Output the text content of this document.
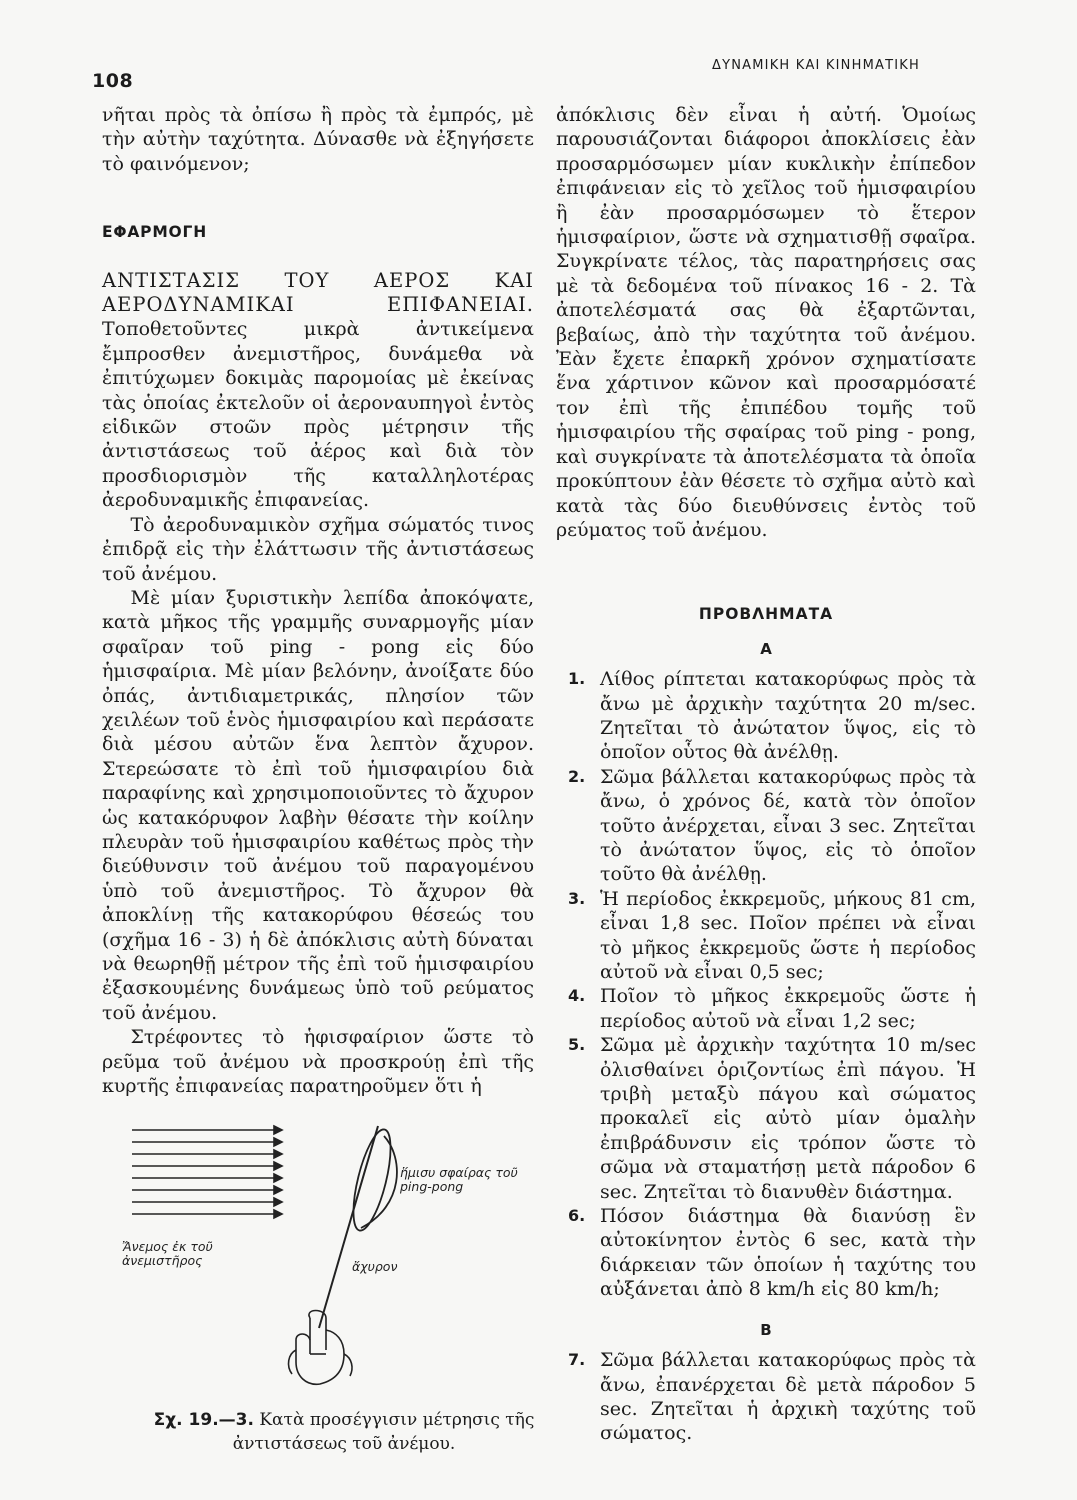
108
ΔΥΝΑΜΙΚΗ ΚΑΙ ΚΙΝΗΜΑΤΙΚΗ

νῆται πρὸς τὰ ὀπίσω ἢ πρὸς τὰ ἐμπρός, μὲ τὴν αὐτὴν ταχύτητα. Δύνασθε νὰ ἐξηγήσετε τὸ φαινόμενον;

ΕΦΑΡΜΟΓΗ

ΑΝΤΙΣΤΑΣΙΣ ΤΟΥ ΑΕΡΟΣ ΚΑΙ ΑΕΡΟΔΥΝΑΜΙΚΑΙ ΕΠΙΦΑΝΕΙΑΙ. Τοποθετοῦντες μικρὰ ἀντικείμενα ἔμπροσθεν ἀνεμιστῆρος, δυνάμεθα νὰ ἐπιτύχωμεν δοκιμὰς παρομοίας μὲ ἐκείνας τὰς ὁποίας ἐκτελοῦν οἱ ἀεροναυπηγοὶ ἐντὸς εἰδικῶν στοῶν πρὸς μέτρησιν τῆς ἀντιστάσεως τοῦ ἀέρος καὶ διὰ τὸν προσδιορισμὸν τῆς καταλληλοτέρας ἀεροδυναμικῆς ἐπιφανείας.

Τὸ ἀεροδυναμικὸν σχῆμα σώματός τινος ἐπιδρᾷ εἰς τὴν ἐλάττωσιν τῆς ἀντιστάσεως τοῦ ἀνέμου.

Μὲ μίαν ξυριστικὴν λεπίδα ἀποκόψατε, κατὰ μῆκος τῆς γραμμῆς συναρμογῆς μίαν σφαῖραν τοῦ ping - pong εἰς δύο ἡμισφαίρια. Μὲ μίαν βελόνην, ἀνοίξατε δύο ὀπάς, ἀντιδιαμετρικάς, πλησίον τῶν χειλέων τοῦ ἑνὸς ἡμισφαιρίου καὶ περάσατε διὰ μέσου αὐτῶν ἕνα λεπτὸν ἄχυρον. Στερεώσατε τὸ ἐπὶ τοῦ ἡμισφαιρίου διὰ παραφίνης καὶ χρησιμοποιοῦντες τὸ ἄχυρον ὡς κατακόρυφον λαβὴν θέσατε τὴν κοίλην πλευρὰν τοῦ ἡμισφαιρίου καθέτως πρὸς τὴν διεύθυνσιν τοῦ ἀνέμου τοῦ παραγομένου ὑπὸ τοῦ ἀνεμιστῆρος. Τὸ ἄχυρον θὰ ἀποκλίνῃ τῆς κατακορύφου θέσεώς του (σχῆμα 16 - 3) ἡ δὲ ἀπόκλισις αὐτὴ δύναται νὰ θεωρηθῇ μέτρον τῆς ἐπὶ τοῦ ἡμισφαιρίου ἐξασκουμένης δυνάμεως ὑπὸ τοῦ ρεύματος τοῦ ἀνέμου.

Στρέφοντες τὸ ἡφισφαίριον ὥστε τὸ ρεῦμα τοῦ ἀνέμου νὰ προσκρούῃ ἐπὶ τῆς κυρτῆς ἐπιφανείας παρατηροῦμεν ὅτι ἡ

ἥμισυ σφαίρας τοῦ ping-pong
Ἄνεμος ἐκ τοῦ ἀνεμιστῆρος	ἄχυρον
Σχ. 19.—3. Κατὰ προσέγγισιν μέτρησις τῆς ἀντιστάσεως τοῦ ἀνέμου.

ἀπόκλισις δὲν εἶναι ἡ αὐτή. Ὁμοίως παρουσιάζονται διάφοροι ἀποκλίσεις ἐὰν προσαρμόσωμεν μίαν κυκλικὴν ἐπίπεδον ἐπιφάνειαν εἰς τὸ χεῖλος τοῦ ἡμισφαιρίου ἢ ἐὰν προσαρμόσωμεν τὸ ἕτερον ἡμισφαίριον, ὥστε νὰ σχηματισθῇ σφαῖρα. Συγκρίνατε τέλος, τὰς παρατηρήσεις σας μὲ τὰ δεδομένα τοῦ πίνακος 16 - 2. Τὰ ἀποτελέσματά σας θὰ ἐξαρτῶνται, βεβαίως, ἀπὸ τὴν ταχύτητα τοῦ ἀνέμου. Ἐὰν ἔχετε ἐπαρκῆ χρόνον σχηματίσατε ἕνα χάρτινον κῶνον καὶ προσαρμόσατέ τον ἐπὶ τῆς ἐπιπέδου τομῆς τοῦ ἡμισφαιρίου τῆς σφαίρας τοῦ ping - pong, καὶ συγκρίνατε τὰ ἀποτελέσματα τὰ ὁποῖα προκύπτουν ἐὰν θέσετε τὸ σχῆμα αὐτὸ καὶ κατὰ τὰς δύο διευθύνσεις ἐντὸς τοῦ ρεύματος τοῦ ἀνέμου.

ΠΡΟΒΛΗΜΑΤΑ
Α
1. Λίθος ρίπτεται κατακορύφως πρὸς τὰ ἄνω μὲ ἀρχικὴν ταχύτητα 20 m/sec. Ζητεῖται τὸ ἀνώτατον ὕψος, εἰς τὸ ὁποῖον οὗτος θὰ ἀνέλθῃ.
2. Σῶμα βάλλεται κατακορύφως πρὸς τὰ ἄνω, ὁ χρόνος δέ, κατὰ τὸν ὁποῖον τοῦτο ἀνέρχεται, εἶναι 3 sec. Ζητεῖται τὸ ἀνώτατον ὕψος, εἰς τὸ ὁποῖον τοῦτο θὰ ἀνέλθῃ.
3. Ἡ περίοδος ἐκκρεμοῦς, μήκους 81 cm, εἶναι 1,8 sec. Ποῖον πρέπει νὰ εἶναι τὸ μῆκος ἐκκρεμοῦς ὥστε ἡ περίοδος αὐτοῦ νὰ εἶναι 0,5 sec;
4. Ποῖον τὸ μῆκος ἐκκρεμοῦς ὥστε ἡ περίοδος αὐτοῦ νὰ εἶναι 1,2 sec;
5. Σῶμα μὲ ἀρχικὴν ταχύτητα 10 m/sec ὀλισθαίνει ὁριζοντίως ἐπὶ πάγου. Ἡ τριβὴ μεταξὺ πάγου καὶ σώματος προκαλεῖ εἰς αὐτὸ μίαν ὁμαλὴν ἐπιβράδυνσιν εἰς τρόπον ὥστε τὸ σῶμα νὰ σταματήσῃ μετὰ πάροδον 6 sec. Ζητεῖται τὸ διανυθὲν διάστημα.
6. Πόσον διάστημα θὰ διανύσῃ ἓν αὐτοκίνητον ἐντὸς 6 sec, κατὰ τὴν διάρκειαν τῶν ὁποίων ἡ ταχύτης του αὐξάνεται ἀπὸ 8 km/h εἰς 80 km/h;
Β
7. Σῶμα βάλλεται κατακορύφως πρὸς τὰ ἄνω, ἐπανέρχεται δὲ μετὰ πάροδον 5 sec. Ζητεῖται ἡ ἀρχικὴ ταχύτης τοῦ σώματος.
